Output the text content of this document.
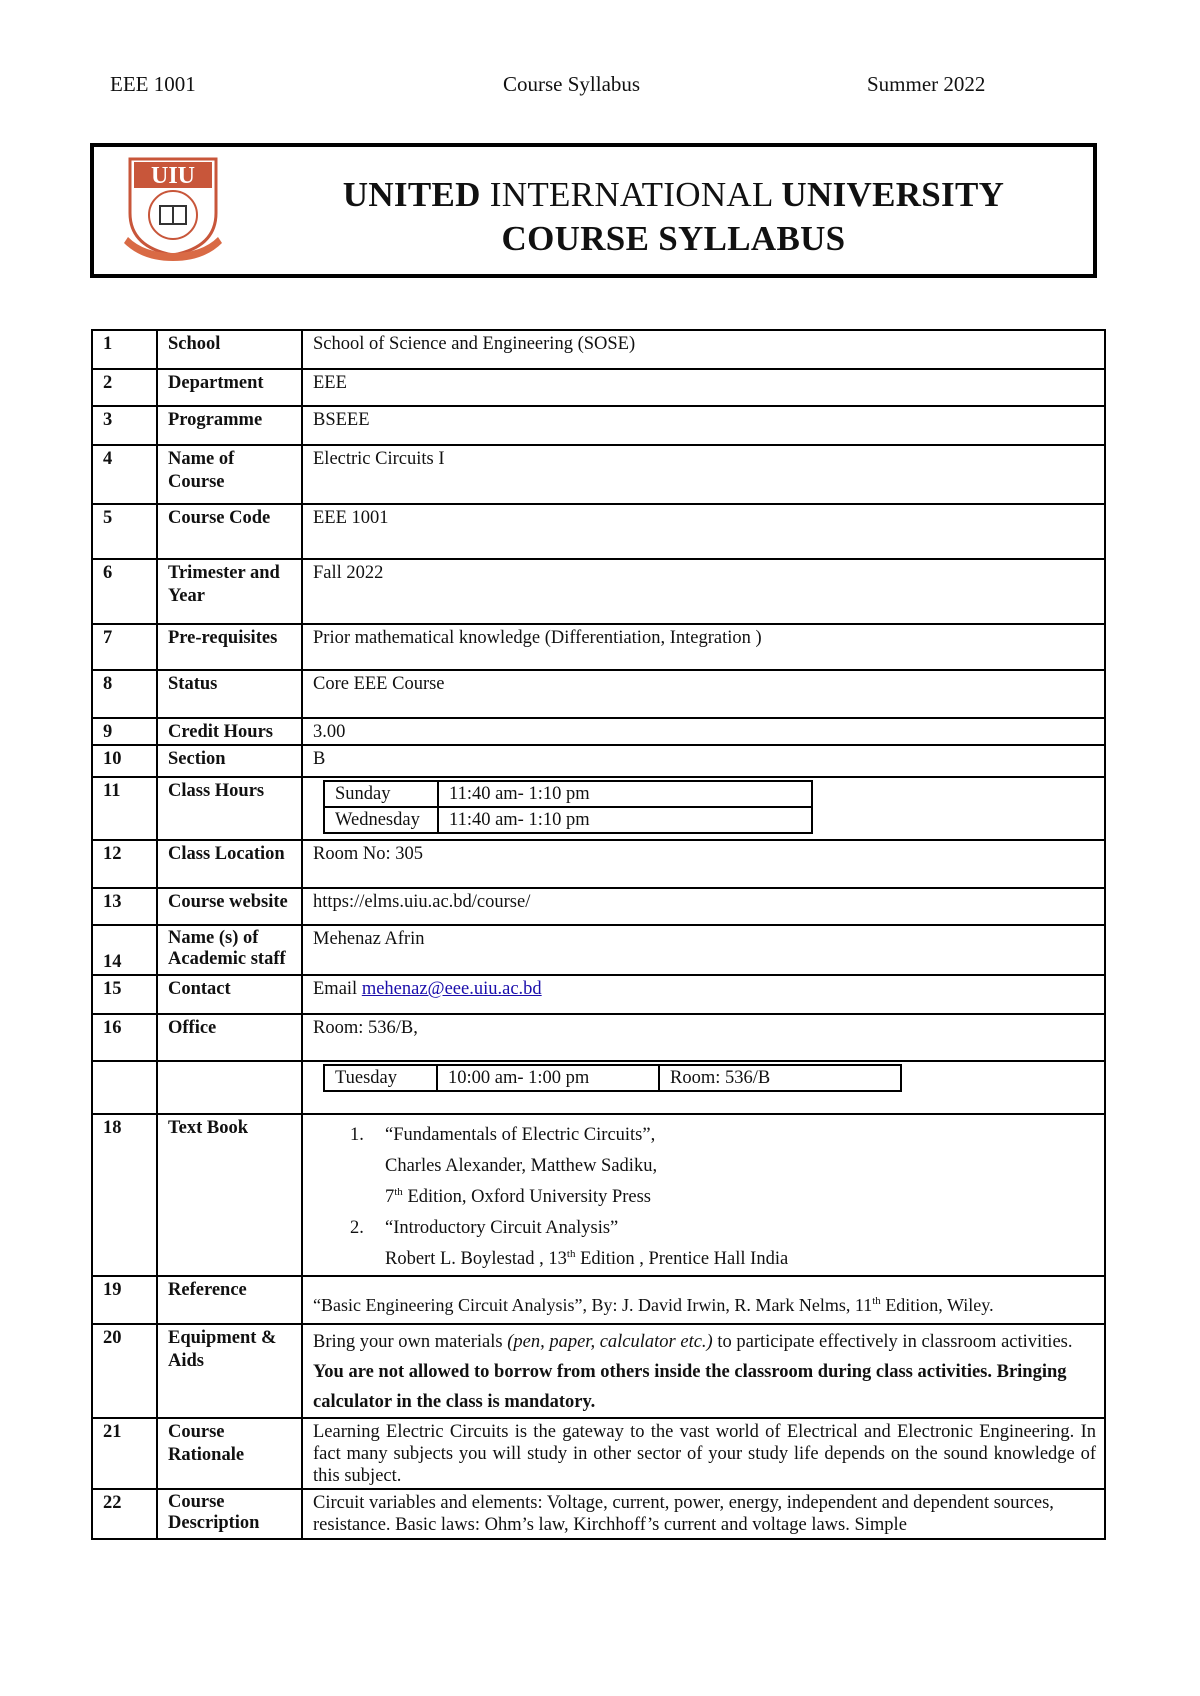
EEE 1001	Course Syllabus	Summer 2022
UIU	UNITED INTERNATIONAL UNIVERSITY
COURSE SYLLABUS
1	School	School of Science and Engineering (SOSE)
2	Department	EEE
3	Programme	BSEEE
4	Name of Course	Electric Circuits I
5	Course Code	EEE 1001
6	Trimester and Year	Fall 2022
7	Pre-requisites	Prior mathematical knowledge (Differentiation, Integration )
8	Status	Core EEE Course
9	Credit Hours	3.00
10	Section	B
11	Class Hours		Sunday	11:40 am- 1:10 pm
Wednesday	11:40 am- 1:10 pm

12	Class Location	Room No: 305
13	Course website	https://elms.uiu.ac.bd/course/
14	Name (s) of Academic staff	Mehenaz Afrin
15	Contact	Email mehenaz@eee.uiu.ac.bd
16	Office	Room: 536/B,

Tuesday	10:00 am- 1:00 pm	Room: 536/B

18	Text Book	1. “Fundamentals of Electric Circuits”,
Charles Alexander, Matthew Sadiku,
7th Edition, Oxford University Press
2. “Introductory Circuit Analysis”
Robert L. Boylestad , 13th Edition , Prentice Hall India

19	Reference	“Basic Engineering Circuit Analysis”, By: J. David Irwin, R. Mark Nelms, 11th Edition, Wiley.
20	Equipment & Aids	Bring your own materials (pen, paper, calculator etc.) to participate effectively in classroom activities. You are not allowed to borrow from others inside the classroom during class activities. Bringing calculator in the class is mandatory.
21	Course Rationale	Learning Electric Circuits is the gateway to the vast world of Electrical and Electronic Engineering. In fact many subjects you will study in other sector of your study life depends on the sound knowledge of this subject.
22	Course Description	Circuit variables and elements: Voltage, current, power, energy, independent and dependent sources, resistance. Basic laws: Ohm’s law, Kirchhoff’s current and voltage laws. Simple
